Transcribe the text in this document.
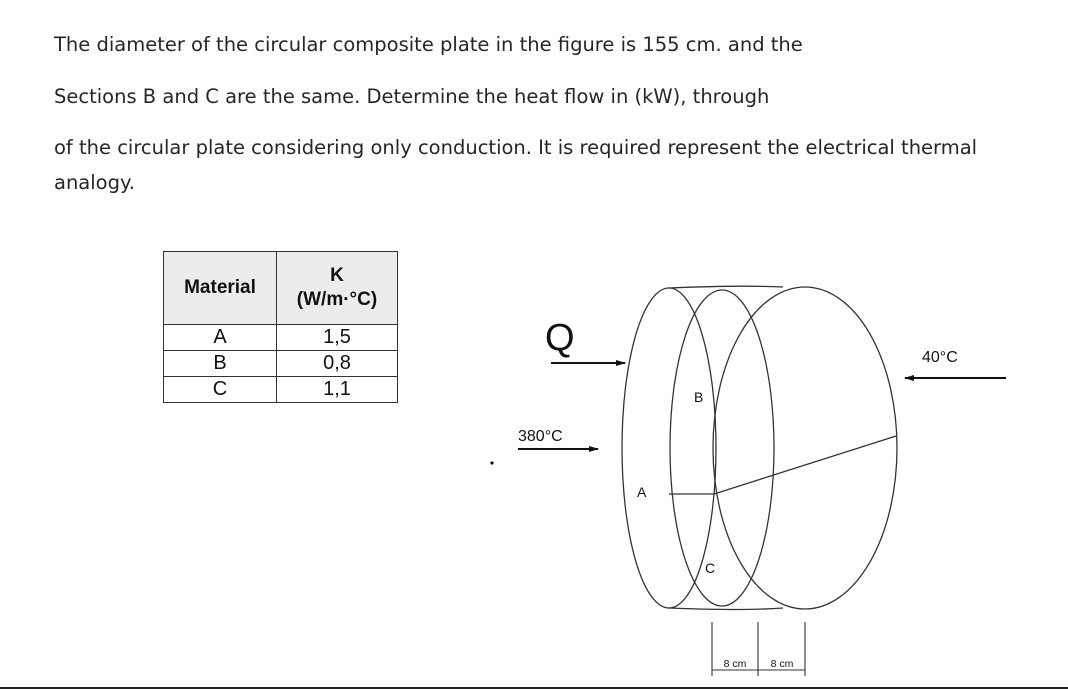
The diameter of the circular composite plate in the figure is 155 cm. and the
Sections B and C are the same. Determine the heat flow in (kW), through
of the circular plate considering only conduction. It is required represent the electrical thermal
analogy.
Material	K
(W/m·°C)

A	1,5
B	0,8
C	1,1
Q
380°C
40°C
A
B
C
8 cm 8 cm
